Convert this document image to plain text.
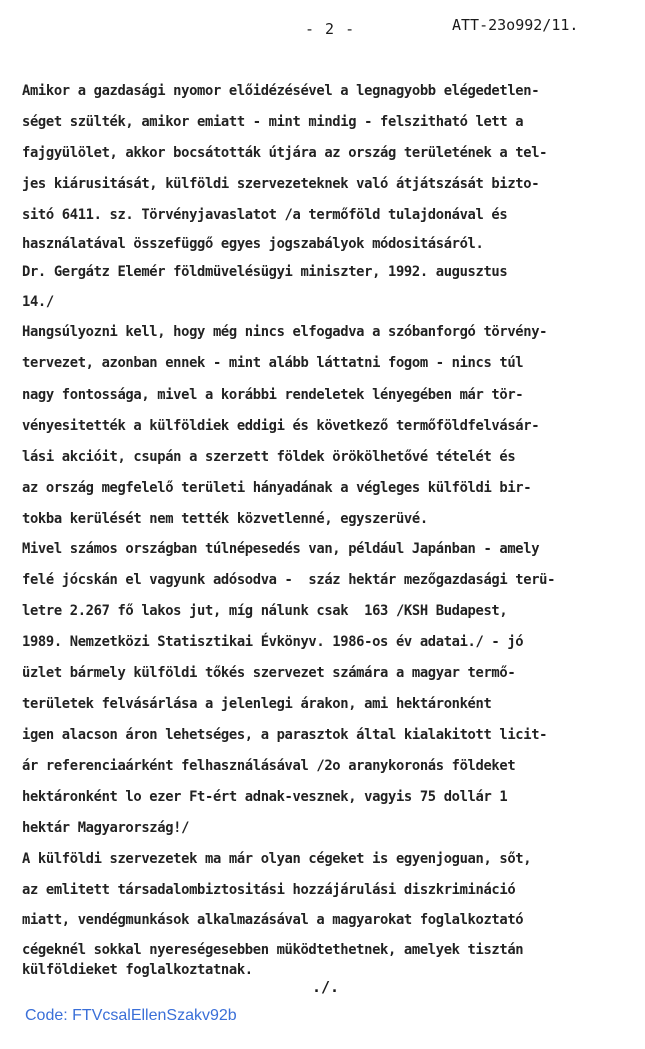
- 2 -	ATT-23o992/11.
Amikor a gazdasági nyomor előidézésével a legnagyobb elégedetlen-
séget szülték, amikor emiatt - mint mindig - felszitható lett a
fajgyülölet, akkor bocsátották útjára az ország területének a tel-
jes kiárusitását, külföldi szervezeteknek való átjátszását bizto-
sitó 6411. sz. Törvényjavaslatot /a termőföld tulajdonával és
használatával összefüggő egyes jogszabályok módositásáról.
Dr. Gergátz Elemér földmüvelésügyi miniszter, 1992. augusztus
14./
Hangsúlyozni kell, hogy még nincs elfogadva a szóbanforgó törvény-
tervezet, azonban ennek - mint alább láttatni fogom - nincs túl
nagy fontossága, mivel a korábbi rendeletek lényegében már tör-
vényesitették a külföldiek eddigi és következő termőföldfelvásár-
lási akcióit, csupán a szerzett földek örökölhetővé tételét és
az ország megfelelő területi hányadának a végleges külföldi bir-
tokba kerülését nem tették közvetlenné, egyszerüvé.
Mivel számos országban túlnépesedés van, például Japánban - amely
felé jócskán el vagyunk adósodva -  száz hektár mezőgazdasági terü-
letre 2.267 fő lakos jut, míg nálunk csak  163 /KSH Budapest,
1989. Nemzetközi Statisztikai Évkönyv. 1986-os év adatai./ - jó
üzlet bármely külföldi tőkés szervezet számára a magyar termő-
területek felvásárlása a jelenlegi árakon, ami hektáronként
igen alacson áron lehetséges, a parasztok által kialakitott licit-
ár referenciaárként felhasználásával /2o aranykoronás földeket
hektáronként lo ezer Ft-ért adnak-vesznek, vagyis 75 dollár 1
hektár Magyarország!/
A külföldi szervezetek ma már olyan cégeket is egyenjoguan, sőt,
az emlitett társadalombiztositási hozzájárulási diszkrimináció
miatt, vendégmunkások alkalmazásával a magyarokat foglalkoztató
cégeknél sokkal nyereségesebben müködtethetnek, amelyek tisztán
külföldieket foglalkoztatnak.
./.
Code: FTVcsalEllenSzakv92b
